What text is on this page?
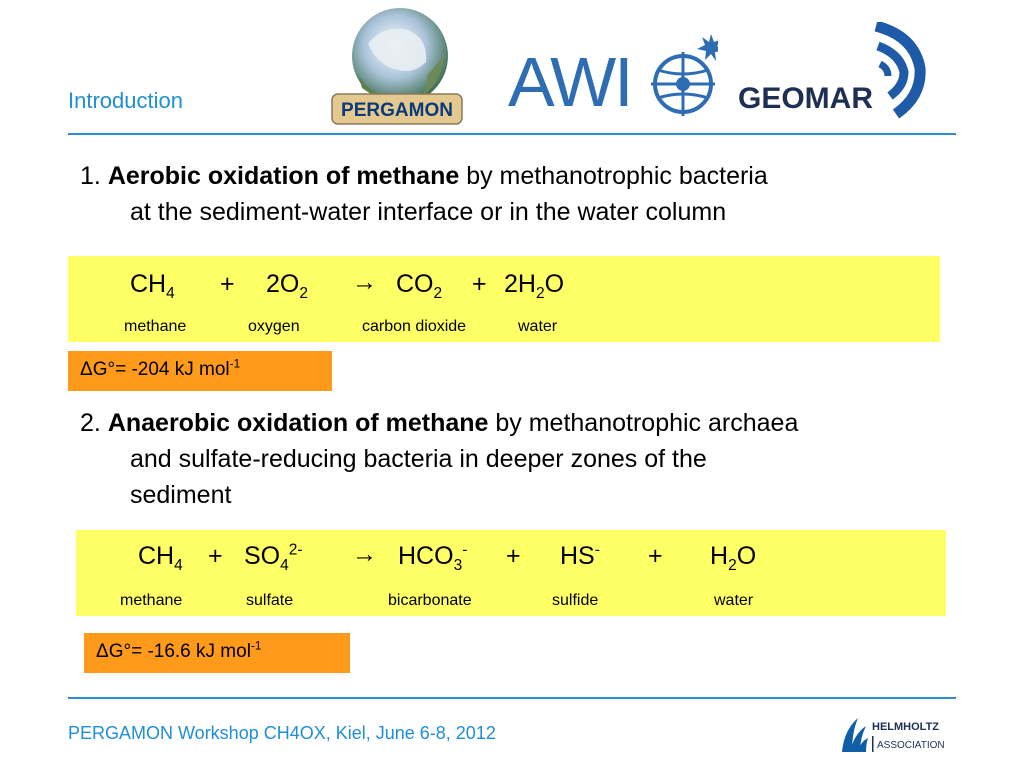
Introduction	PERGAMON AWI	GEOMAR
1. Aerobic oxidation of methane by methanotrophic bacteria
at the sediment-water interface or in the water column
$CH_4 + 2O_2 \to CO_2 + 2H_2O$
methane	oxygen	carbon dioxide	water
ΔG°= -204 kJ mol$^{-1}$
2. Anaerobic oxidation of methane by methanotrophic archaea
and sulfate-reducing bacteria in deeper zones of the
sediment
$CH_4 + SO_4^{2-} \to HCO_3^- + HS^- + H_2O$
methane	sulfate	bicarbonate	sulfide	water
ΔG°= -16.6 kJ mol$^{-1}$
PERGAMON Workshop CH4OX, Kiel, June 6-8, 2012	HELMHOLTZ
ASSOCIATION
